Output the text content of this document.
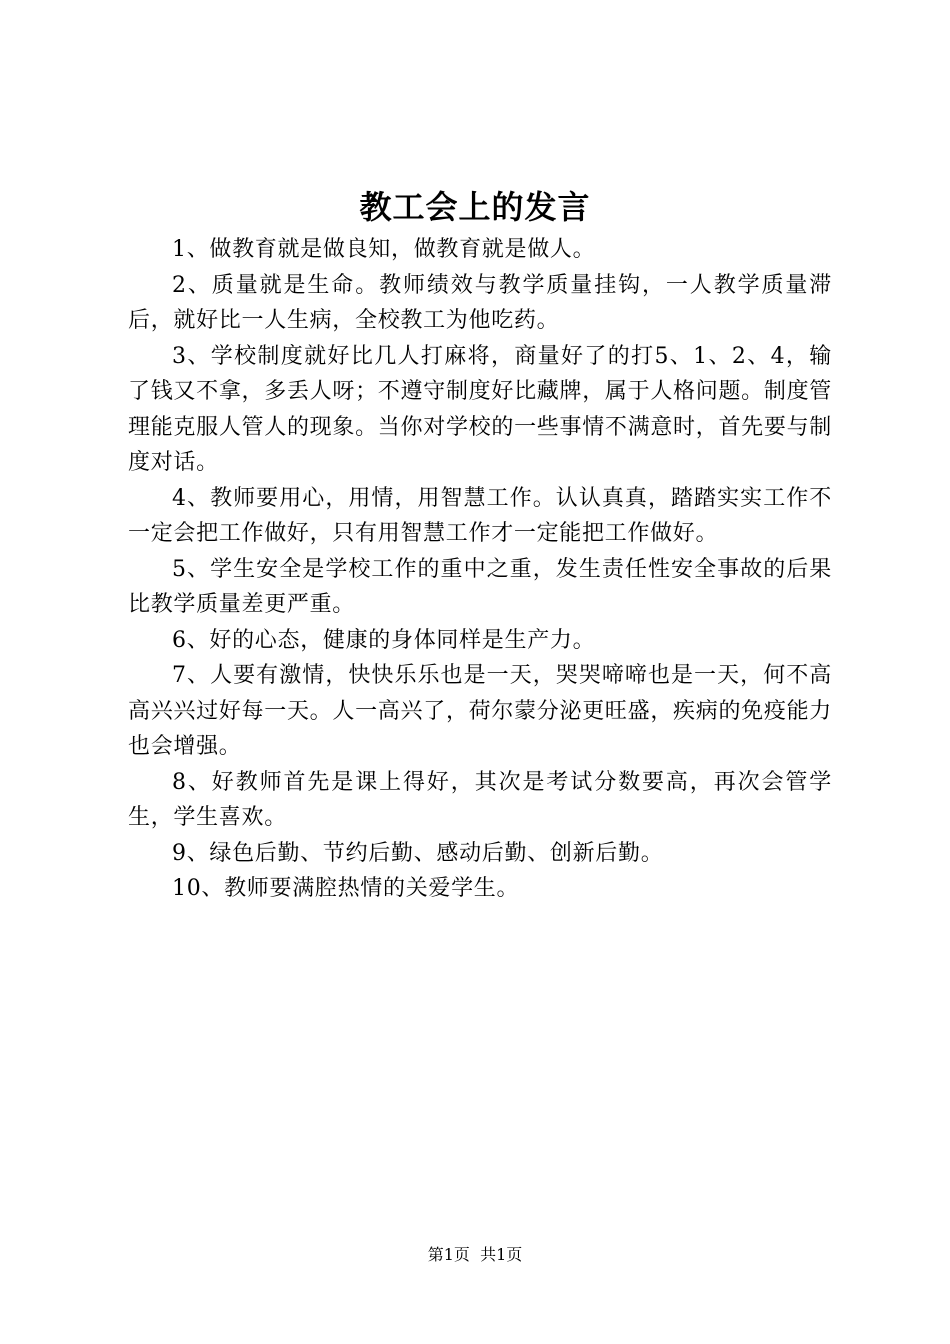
教工会上的发言

1、做教育就是做良知，做教育就是做人。

2、质量就是生命。教师绩效与教学质量挂钩，一人教学质量滞后，就好比一人生病，全校教工为他吃药。

3、学校制度就好比几人打麻将，商量好了的打5、1、2、4，输了钱又不拿，多丢人呀；不遵守制度好比藏牌，属于人格问题。制度管理能克服人管人的现象。当你对学校的一些事情不满意时，首先要与制度对话。

4、教师要用心，用情，用智慧工作。认认真真，踏踏实实工作不一定会把工作做好，只有用智慧工作才一定能把工作做好。

5、学生安全是学校工作的重中之重，发生责任性安全事故的后果比教学质量差更严重。

6、好的心态，健康的身体同样是生产力。

7、人要有激情，快快乐乐也是一天，哭哭啼啼也是一天，何不高高兴兴过好每一天。人一高兴了，荷尔蒙分泌更旺盛，疾病的免疫能力也会增强。

8、好教师首先是课上得好，其次是考试分数要高，再次会管学生，学生喜欢。

9、绿色后勤、节约后勤、感动后勤、创新后勤。

10、教师要满腔热情的关爱学生。

第1页  共1页
